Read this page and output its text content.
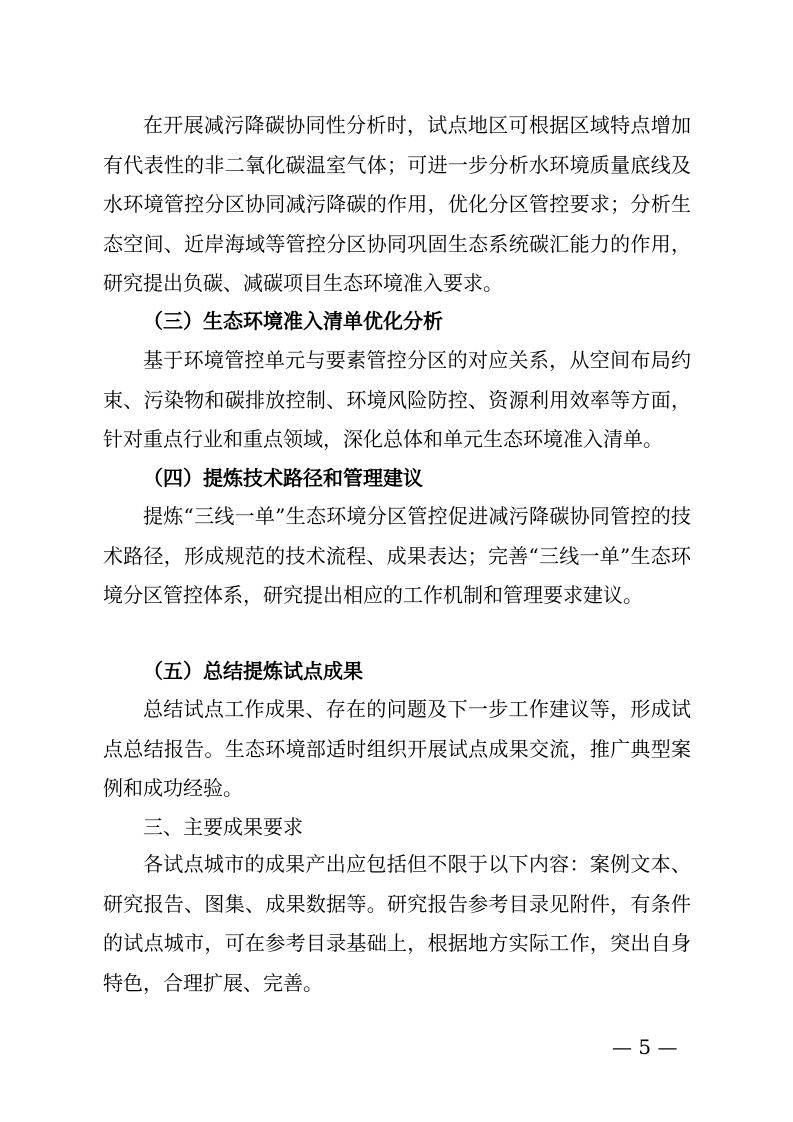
在开展减污降碳协同性分析时，试点地区可根据区域特点增加有代表性的非二氧化碳温室气体；可进一步分析水环境质量底线及水环境管控分区协同减污降碳的作用，优化分区管控要求；分析生态空间、近岸海域等管控分区协同巩固生态系统碳汇能力的作用，研究提出负碳、减碳项目生态环境准入要求。

（三）生态环境准入清单优化分析

基于环境管控单元与要素管控分区的对应关系，从空间布局约束、污染物和碳排放控制、环境风险防控、资源利用效率等方面，针对重点行业和重点领域，深化总体和单元生态环境准入清单。

（四）提炼技术路径和管理建议

提炼“三线一单”生态环境分区管控促进减污降碳协同管控的技术路径，形成规范的技术流程、成果表达；完善“三线一单”生态环境分区管控体系，研究提出相应的工作机制和管理要求建议。

（五）总结提炼试点成果

总结试点工作成果、存在的问题及下一步工作建议等，形成试点总结报告。生态环境部适时组织开展试点成果交流，推广典型案例和成功经验。

三、主要成果要求

各试点城市的成果产出应包括但不限于以下内容：案例文本、研究报告、图集、成果数据等。研究报告参考目录见附件，有条件的试点城市，可在参考目录基础上，根据地方实际工作，突出自身特色，合理扩展、完善。

— 5 —
